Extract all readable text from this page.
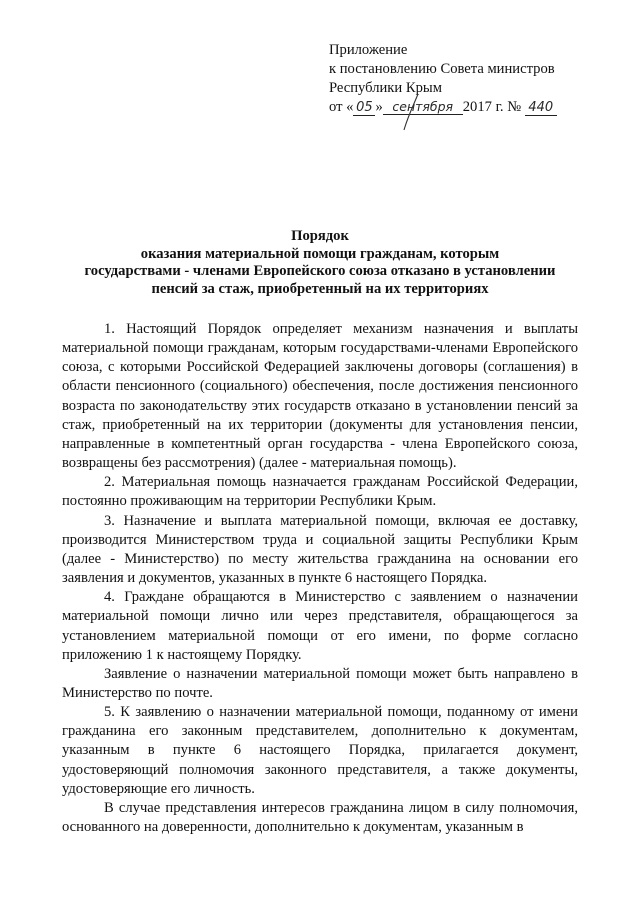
Приложение
к постановлению Совета министров
Республики Крым
от « 05 » сентября 2017 г. № 440
Порядок
оказания материальной помощи гражданам, которым
государствами - членами Европейского союза отказано в установлении
пенсий за стаж, приобретенный на их территориях

1. Настоящий Порядок определяет механизм назначения и выплаты материальной помощи гражданам, которым государствами-членами Европейского союза, с которыми Российской Федерацией заключены договоры (соглашения) в области пенсионного (социального) обеспечения, после достижения пенсионного возраста по законодательству этих государств отказано в установлении пенсий за стаж, приобретенный на их территории (документы для установления пенсии, направленные в компетентный орган государства - члена Европейского союза, возвращены без рассмотрения) (далее - материальная помощь).

2. Материальная помощь назначается гражданам Российской Федерации, постоянно проживающим на территории Республики Крым.

3. Назначение и выплата материальной помощи, включая ее доставку, производится Министерством труда и социальной защиты Республики Крым (далее - Министерство) по месту жительства гражданина на основании его заявления и документов, указанных в пункте 6 настоящего Порядка.

4. Граждане обращаются в Министерство с заявлением о назначении материальной помощи лично или через представителя, обращающегося за установлением материальной помощи от его имени, по форме согласно приложению 1 к настоящему Порядку.

Заявление о назначении материальной помощи может быть направлено в Министерство по почте.

5. К заявлению о назначении материальной помощи, поданному от имени гражданина его законным представителем, дополнительно к документам, указанным в пункте 6 настоящего Порядка, прилагается документ, удостоверяющий полномочия законного представителя, а также документы, удостоверяющие его личность.

В случае представления интересов гражданина лицом в силу полномочия, основанного на доверенности, дополнительно к документам, указанным в
